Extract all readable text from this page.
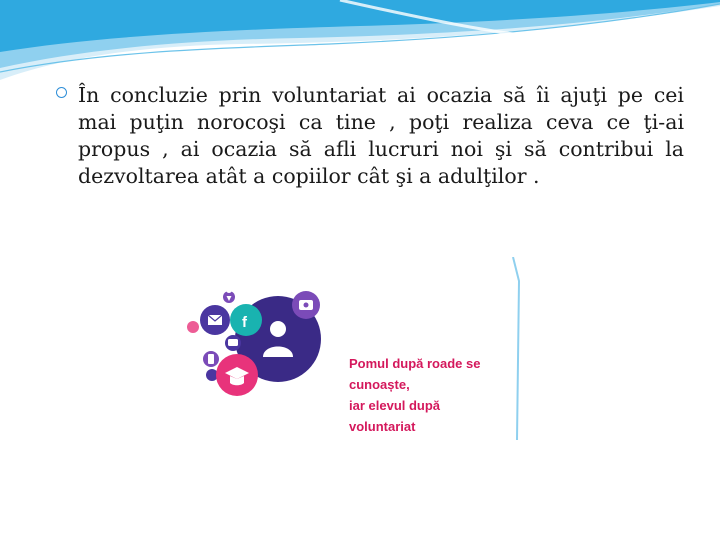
În concluzie prin voluntariat ai ocazia să îi ajuţi pe cei mai puţin norocoşi ca tine , poţi realiza ceva ce ţi-ai propus , ai ocazia să afli lucruri noi şi să contribui la dezvoltarea atât a copiilor cât şi a adulţilor .

f
Pomul după roade se
cunoaște,
iar elevul după
voluntariat
